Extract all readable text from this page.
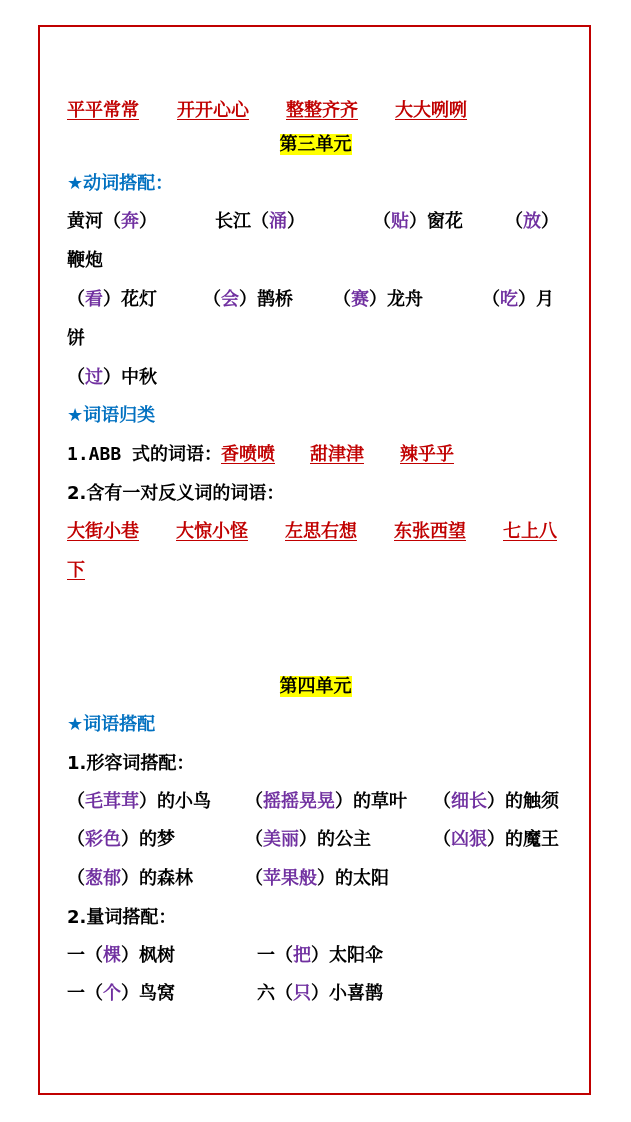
平平常常 开开心心 整整齐齐 大大咧咧
第三单元
★动词搭配：
黄河（奔）	长江（涌）	（贴）窗花 （放）
鞭炮
（看）花灯	（会）鹊桥 （赛）龙舟	（吃）月
饼
（过）中秋
★词语归类
1.ABB 式的词语：
香喷喷 甜津津 辣乎乎
2.含有一对反义词的词语：
大街小巷 大惊小怪 左思右想 东张西望 七上八
下
第四单元
★词语搭配
1.形容词搭配：
（毛茸茸）的小鸟 （摇摇晃晃）的草叶 （细长）的触须
（彩色）的梦	（美丽）的公主	（凶狠）的魔王
（葱郁）的森林	（苹果般）的太阳
2.量词搭配：
一（棵）枫树	一（把）太阳伞
一（个）鸟窝	六（只）小喜鹊
